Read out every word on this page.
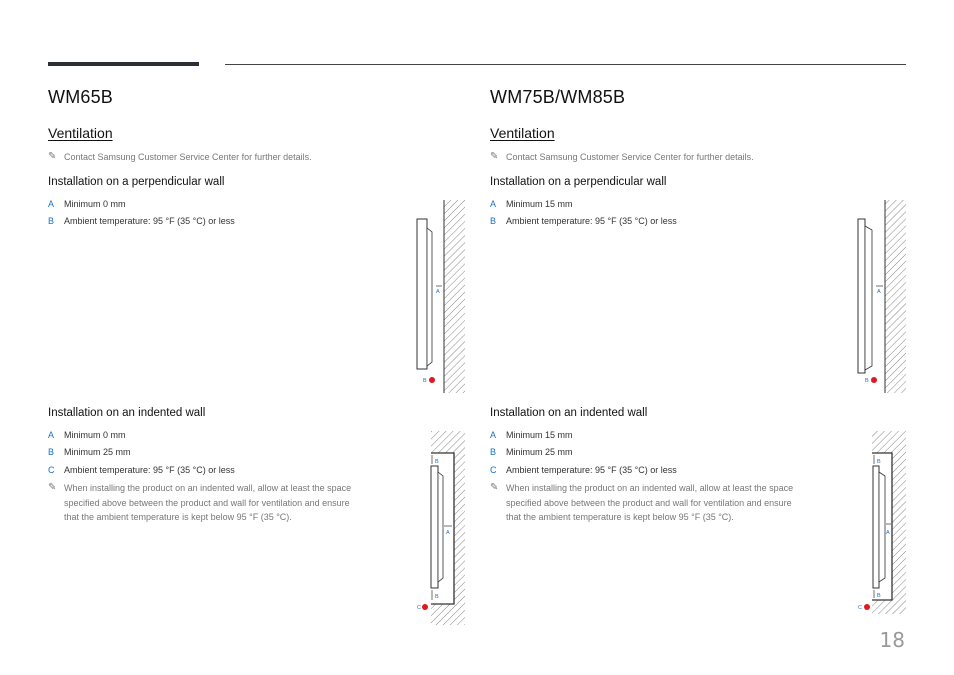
WM65B
Ventilation
✎ Contact Samsung Customer Service Center for further details.
Installation on a perpendicular wall
A	Minimum 0 mm
B	Ambient temperature: 95 °F (35 °C) or less
Installation on an indented wall
A	Minimum 0 mm
B	Minimum 25 mm
C	Ambient temperature: 95 °F (35 °C) or less
✎ When installing the product on an indented wall, allow at least the space
specified above between the product and wall for ventilation and ensure
that the ambient temperature is kept below 95 °F (35 °C).
WM75B/WM85B
Ventilation
✎ Contact Samsung Customer Service Center for further details.
Installation on a perpendicular wall
A	Minimum 15 mm
B	Ambient temperature: 95 °F (35 °C) or less
Installation on an indented wall
A	Minimum 15 mm
B	Minimum 25 mm
C	Ambient temperature: 95 °F (35 °C) or less
✎ When installing the product on an indented wall, allow at least the space
specified above between the product and wall for ventilation and ensure
that the ambient temperature is kept below 95 °F (35 °C).
A
B
A
B
B
A
B
C
B
A
B
C
18
